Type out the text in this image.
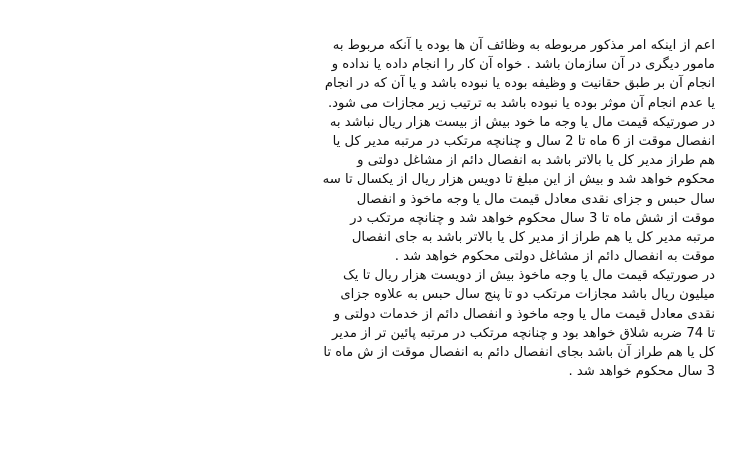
اعم از اینکه امر مذکور مربوطه به وظائف آن ها بوده یا آنکه مربوط به
مامور دیگری در آن سازمان باشد . خواه آن کار را انجام داده یا نداده و
انجام آن بر طبق حقانیت و وظیفه بوده یا نبوده باشد و یا آن که در انجام
یا عدم انجام آن موثر بوده یا نبوده باشد به ترتیب زیر مجازات می شود.
در صورتیکه قیمت مال یا وجه ما خود بیش از بیست هزار ریال نباشد به
انفصال موقت از 6 ماه تا 2 سال و چنانچه مرتکب در مرتبه مدیر کل یا
هم طراز مدیر کل یا بالاتر باشد به انفصال دائم از مشاغل دولتی و
محکوم خواهد شد و بیش از این مبلغ تا دویس هزار ریال از یکسال تا سه
سال حبس و جزای نقدی معادل قیمت مال یا وجه ماخوذ و انفصال
موقت از شش ماه تا 3 سال محکوم خواهد شد و چنانچه مرتکب در
مرتبه مدیر کل یا هم طراز از مدیر کل یا بالاتر باشد به جای انفصال
موقت به انفصال دائم از مشاغل دولتی محکوم خواهد شد .
در صورتیکه قیمت مال یا وجه ماخوذ بیش از دویست هزار ریال تا یک
میلیون ریال باشد مجازات مرتکب دو تا پنج سال حبس به علاوه جزای
نقدی معادل قیمت مال یا وجه ماخوذ و انفصال دائم از خدمات دولتی و
تا 74 ضربه شلاق خواهد بود و چنانچه مرتکب در مرتبه پائین تر از مدیر
کل یا هم طراز آن باشد بجای انفصال دائم به انفصال موقت از ش ماه تا
3 سال محکوم خواهد شد .
